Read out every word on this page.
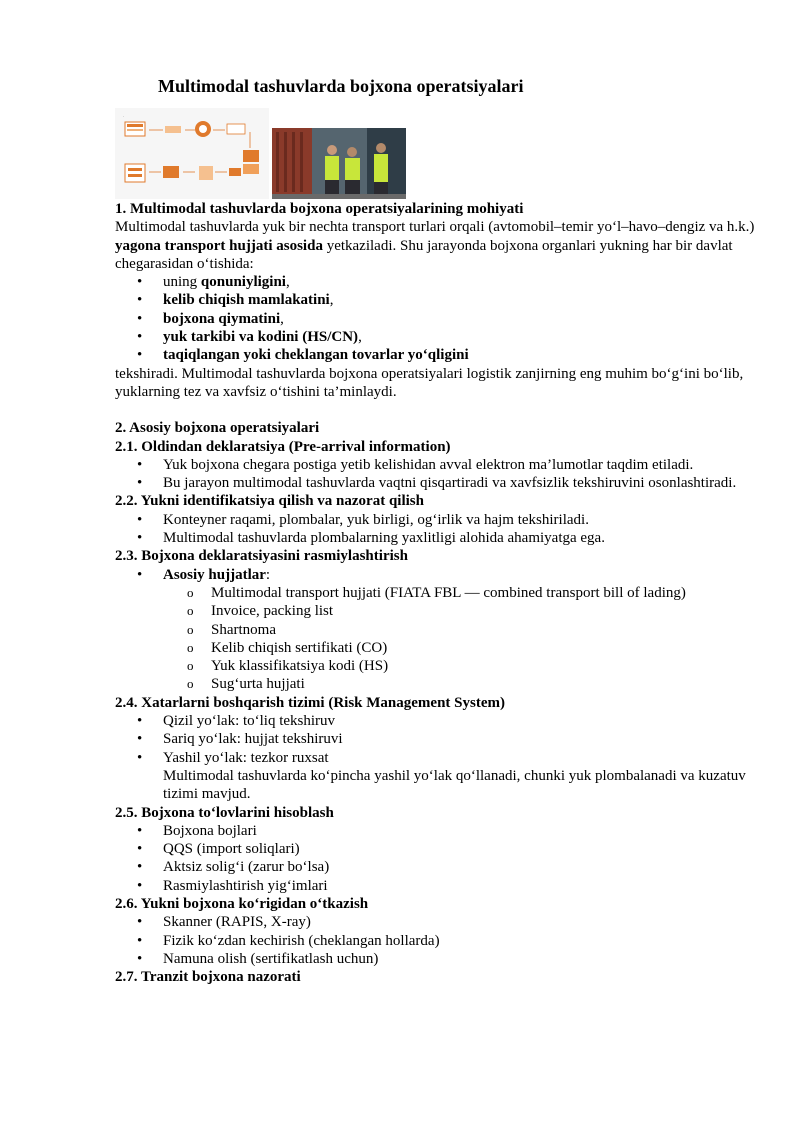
Multimodal tashuvlarda bojxona operatsiyalari
.
1. Multimodal tashuvlarda bojxona operatsiyalarining mohiyati

Multimodal tashuvlarda yuk bir nechta transport turlari orqali (avtomobil–temir yo‘l–havo–dengiz va h.k.) yagona transport hujjati asosida yetkaziladi. Shu jarayonda bojxona organlari yukning har bir davlat chegarasidan o‘tishida:

• uning qonuniyligini,
• kelib chiqish mamlakatini,
• bojxona qiymatini,
• yuk tarkibi va kodini (HS/CN),
• taqiqlangan yoki cheklangan tovarlar yo‘qligini

tekshiradi. Multimodal tashuvlarda bojxona operatsiyalari logistik zanjirning eng muhim bo‘g‘ini bo‘lib, yuklarning tez va xavfsiz o‘tishini ta’minlaydi.

2. Asosiy bojxona operatsiyalari
2.1. Oldindan deklaratsiya (Pre-arrival information)
• Yuk bojxona chegara postiga yetib kelishidan avval elektron ma’lumotlar taqdim etiladi.
• Bu jarayon multimodal tashuvlarda vaqtni qisqartiradi va xavfsizlik tekshiruvini osonlashtiradi.
2.2. Yukni identifikatsiya qilish va nazorat qilish
• Konteyner raqami, plombalar, yuk birligi, og‘irlik va hajm tekshiriladi.
• Multimodal tashuvlarda plombalarning yaxlitligi alohida ahamiyatga ega.
2.3. Bojxona deklaratsiyasini rasmiylashtirish
• Asosiy hujjatlar:
o Multimodal transport hujjati (FIATA FBL — combined transport bill of lading)
o Invoice, packing list
o Shartnoma
o Kelib chiqish sertifikati (CO)
o Yuk klassifikatsiya kodi (HS)
o Sug‘urta hujjati
2.4. Xatarlarni boshqarish tizimi (Risk Management System)
• Qizil yo‘lak: to‘liq tekshiruv
• Sariq yo‘lak: hujjat tekshiruvi
• Yashil yo‘lak: tezkor ruxsat
Multimodal tashuvlarda ko‘pincha yashil yo‘lak qo‘llanadi, chunki yuk plombalanadi va kuzatuv tizimi mavjud.
2.5. Bojxona to‘lovlarini hisoblash
• Bojxona bojlari
• QQS (import soliqlari)
• Aktsiz solig‘i (zarur bo‘lsa)
• Rasmiylashtirish yig‘imlari
2.6. Yukni bojxona ko‘rigidan o‘tkazish
• Skanner (RAPIS, X-ray)
• Fizik ko‘zdan kechirish (cheklangan hollarda)
• Namuna olish (sertifikatlash uchun)
2.7. Tranzit bojxona nazorati
